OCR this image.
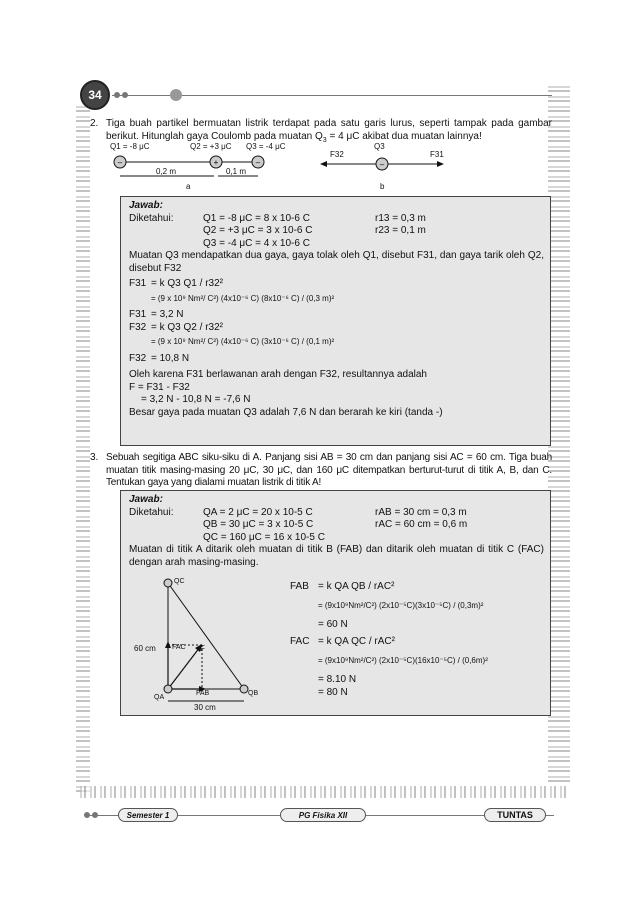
34
2. Tiga buah partikel bermuatan listrik terdapat pada satu garis lurus, seperti tampak pada gambar berikut. Hitunglah gaya Coulomb pada muatan $Q_3 = 4$ μC akibat dua muatan lainnya!
–	+	–
Q1 = -8 μC	Q2 = +3 μC Q3 = -4 μC
0,2 m	0,1 m
a
–
F32
Q3
F31
b
Jawab:
Diketahui:	Q1 = -8 μC = 8 x 10-6 C	r13 = 0,3 m
Q2 = +3 μC = 3 x 10-6 C	r23 = 0,1 m
Q3 = -4 μC = 4 x 10-6 C
Muatan Q3 mendapatkan dua gaya, gaya tolak oleh Q1, disebut F31, dan gaya tarik oleh Q2, disebut F32
F31 = k Q3 Q1 / r32²
= (9 x 10⁹ Nm²/ C²) (4x10⁻⁶ C) (8x10⁻⁶ C) / (0,3 m)²
F31 = 3,2 N
F32 = k Q3 Q2 / r32²
= (9 x 10⁹ Nm²/ C²) (4x10⁻⁶ C) (3x10⁻⁶ C) / (0,1 m)²
F32 = 10,8 N
Oleh karena F31 berlawanan arah dengan F32, resultannya adalah
F = F31 - F32
= 3,2 N - 10,8 N = -7,6 N
Besar gaya pada muatan Q3 adalah 7,6 N dan berarah ke kiri (tanda -)
3. Sebuah segitiga ABC siku-siku di A. Panjang sisi AB = 30 cm dan panjang sisi AC = 60 cm. Tiga buah muatan titik masing-masing 20 μC, 30 μC, dan 160 μC ditempatkan berturut-turut di titik A, B, dan C. Tentukan gaya yang dialami muatan listrik di titik A!
Jawab:
Diketahui:	QA = 2 μC = 20 x 10-5 C	rAB = 30 cm = 0,3 m
QB = 30 μC = 3 x 10-5 C	rAC = 60 cm = 0,6 m
QC = 160 μC = 16 x 10-5 C
Muatan di titik A ditarik oleh muatan di titik B (FAB) dan ditarik oleh muatan di titik C (FAC) dengan arah masing-masing.
QC
QA
QB
60 cm
30 cm
FAC
FAB
F
FAB = k QA QB / rAC²
= (9x10⁹Nm²/C²) (2x10⁻⁵C)(3x10⁻⁵C) / (0,3m)²
= 60 N
FAC = k QA QC / rAC²
= (9x10⁹Nm²/C²) (2x10⁻⁵C)(16x10⁻⁵C) / (0,6m)²
= 8.10 N
= 80 N
Semester 1	PG Fisika XII	TUNTAS
